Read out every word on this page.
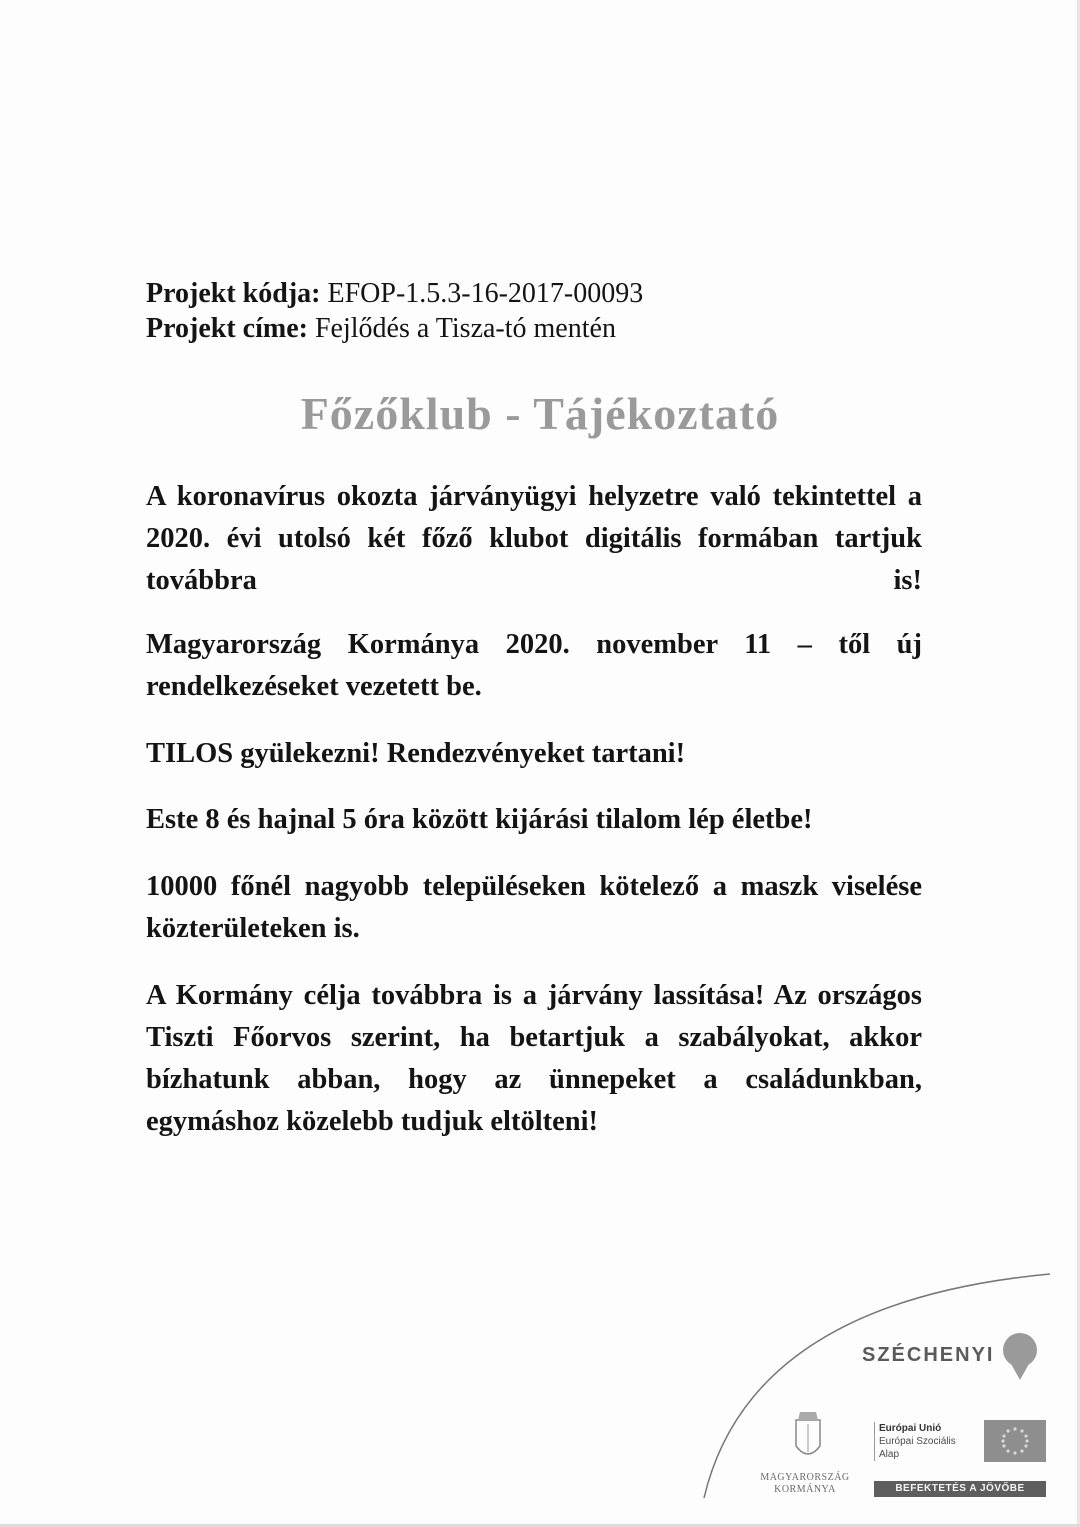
Projekt kódja: EFOP-1.5.3-16-2017-00093
Projekt címe: Fejlődés a Tisza-tó mentén
Főzőklub - Tájékoztató

A koronavírus okozta járványügyi helyzetre való tekintettel a 2020. évi utolsó két főző klubot digitális formában tartjuk továbbra is!

Magyarország Kormánya 2020. november 11 – től új rendelkezéseket vezetett be.

TILOS gyülekezni! Rendezvényeket tartani!

Este 8 és hajnal 5 óra között kijárási tilalom lép életbe!

10000 főnél nagyobb településeken kötelező a maszk viselése közterületeken is.

A Kormány célja továbbra is a járvány lassítása! Az országos Tiszti Főorvos szerint, ha betartjuk a szabályokat, akkor bízhatunk abban, hogy az ünnepeket a családunkban, egymáshoz közelebb tudjuk eltölteni!

SZÉCHENYI
MAGYARORSZÁG
KORMÁNYA
Európai Unió
Európai Szociális
Alap
BEFEKTETÉS A JÖVŐBE
